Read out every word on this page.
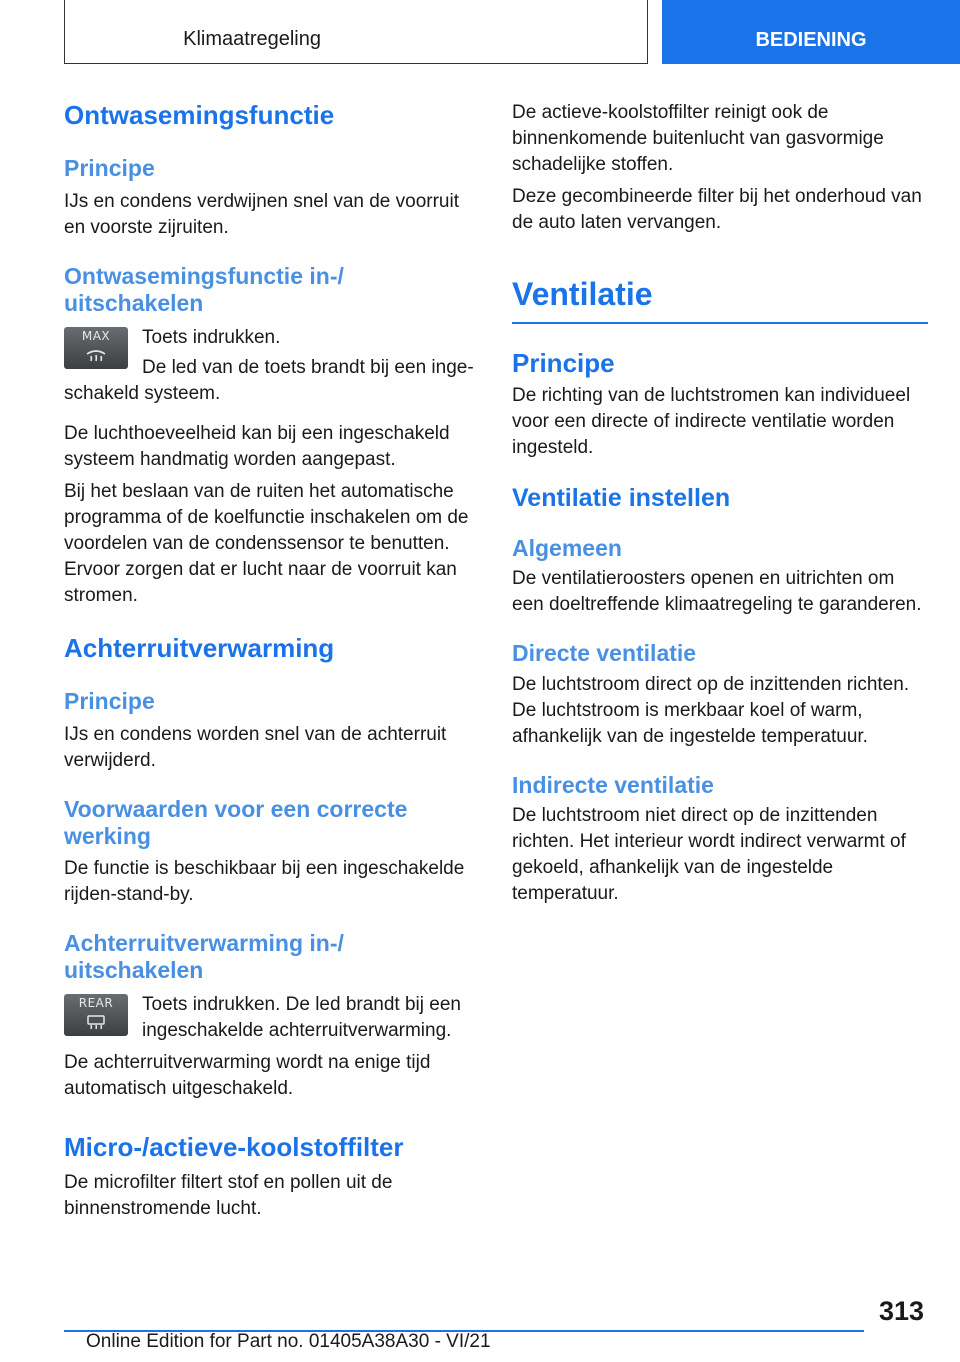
Klimaatregeling	BEDIENING
Ontwasemingsfunctie
Principe

IJs en condens verdwijnen snel van de voorruit en voorste zijruiten.

Ontwasemingsfunctie in-/ uitschakelen
MAX	Toets indrukken.

De led van de toets brandt bij een inge-

schakeld systeem.

De luchthoeveelheid kan bij een ingeschakeld systeem handmatig worden aangepast.

Bij het beslaan van de ruiten het automatische programma of de koelfunctie inschakelen om de voordelen van de condenssensor te benutten. Ervoor zorgen dat er lucht naar de voorruit kan stromen.

Achterruitverwarming
Principe

IJs en condens worden snel van de achterruit verwijderd.

Voorwaarden voor een correcte werking

De functie is beschikbaar bij een ingeschakelde rijden-stand-by.

Achterruitverwarming in-/ uitschakelen
REAR	Toets indrukken. De led brandt bij een ingeschakelde achterruitverwarming.

De achterruitverwarming wordt na enige tijd automatisch uitgeschakeld.

Micro-/actieve-koolstoffilter

De microfilter filtert stof en pollen uit de binnenstromende lucht.

De actieve-koolstoffilter reinigt ook de binnenkomende buitenlucht van gasvormige schadelijke stoffen.

Deze gecombineerde filter bij het onderhoud van de auto laten vervangen.

Ventilatie
Principe

De richting van de luchtstromen kan individueel voor een directe of indirecte ventilatie worden ingesteld.

Ventilatie instellen
Algemeen

De ventilatieroosters openen en uitrichten om een doeltreffende klimaatregeling te garanderen.

Directe ventilatie

De luchtstroom direct op de inzittenden richten. De luchtstroom is merkbaar koel of warm, afhankelijk van de ingestelde temperatuur.

Indirecte ventilatie

De luchtstroom niet direct op de inzittenden richten. Het interieur wordt indirect verwarmt of gekoeld, afhankelijk van de ingestelde temperatuur.

313
Online Edition for Part no. 01405A38A30 - VI/21
